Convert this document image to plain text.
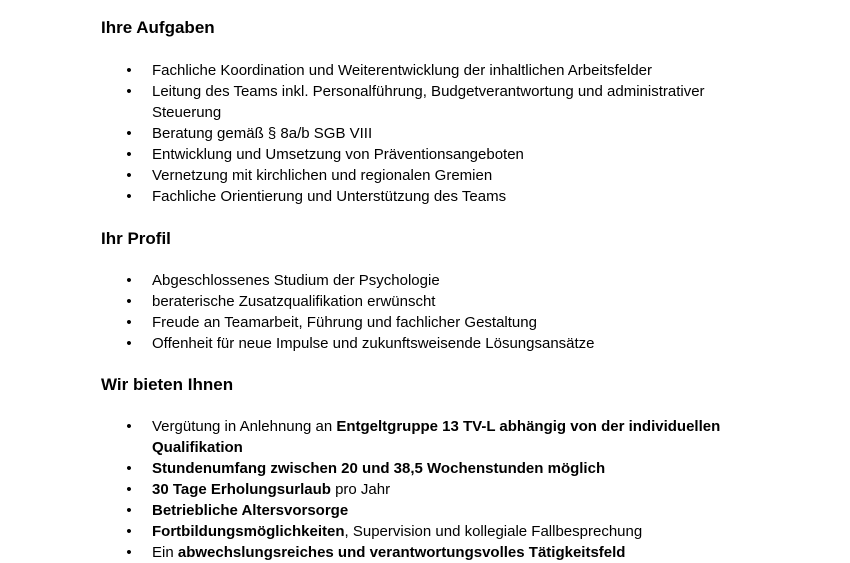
Ihre Aufgaben
• Fachliche Koordination und Weiterentwicklung der inhaltlichen Arbeitsfelder
• Leitung des Teams inkl. Personalführung, Budgetverantwortung und administrativer Steuerung
• Beratung gemäß § 8a/b SGB VIII
• Entwicklung und Umsetzung von Präventionsangeboten
• Vernetzung mit kirchlichen und regionalen Gremien
• Fachliche Orientierung und Unterstützung des Teams
Ihr Profil
• Abgeschlossenes Studium der Psychologie
• beraterische Zusatzqualifikation erwünscht
• Freude an Teamarbeit, Führung und fachlicher Gestaltung
• Offenheit für neue Impulse und zukunftsweisende Lösungsansätze
Wir bieten Ihnen
• Vergütung in Anlehnung an Entgeltgruppe 13 TV-L abhängig von der individuellen Qualifikation
• Stundenumfang zwischen 20 und 38,5 Wochenstunden möglich
• 30 Tage Erholungsurlaub pro Jahr
• Betriebliche Altersvorsorge
• Fortbildungsmöglichkeiten, Supervision und kollegiale Fallbesprechung
• Ein abwechslungsreiches und verantwortungsvolles Tätigkeitsfeld
